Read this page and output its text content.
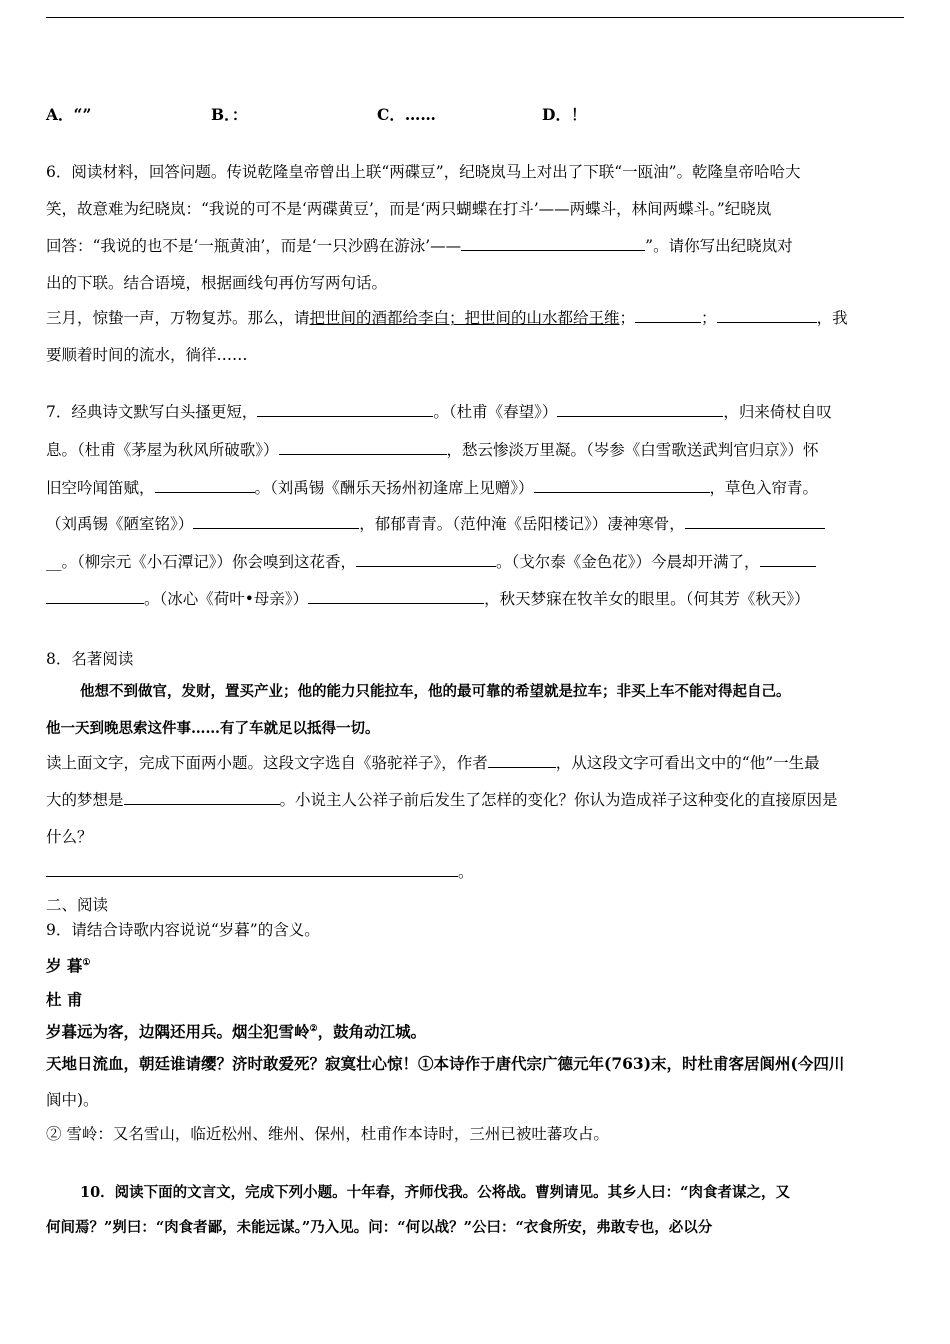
A．“”	B．：	C．……	D．！
6．阅读材料，回答问题。传说乾隆皇帝曾出上联“两碟豆”，纪晓岚马上对出了下联“一瓯油”。乾隆皇帝哈哈大
笑，故意难为纪晓岚：“我说的可不是‘两碟黄豆’，而是‘两只蝴蝶在打斗’——两蝶斗，林间两蝶斗。”纪晓岚
回答：“我说的也不是‘一瓶黄油’，而是‘一只沙鸥在游泳’——	”。请你写出纪晓岚对
出的下联。结合语境，根据画线句再仿写两句话。
三月，惊蛰一声，万物复苏。那么，请把世间的酒都给李白；把世间的山水都给王维；	；	，我
要顺着时间的流水，徜徉……
7．经典诗文默写白头搔更短，	。（杜甫《春望》）	，归来倚杖自叹
息。（杜甫《茅屋为秋风所破歌》）	，愁云惨淡万里凝。（岑参《白雪歌送武判官归京》）怀
旧空吟闻笛赋，	。（刘禹锡《酬乐天扬州初逢席上见赠》）	，草色入帘青。
（刘禹锡《陋室铭》）	，郁郁青青。（范仲淹《岳阳楼记》）凄神寒骨，
__。（柳宗元《小石潭记》）你会嗅到这花香，	。（戈尔泰《金色花》）今晨却开满了，
。（冰心《荷叶•母亲》）	，秋天梦寐在牧羊女的眼里。（何其芳《秋天》）
8．名著阅读
他想不到做官，发财，置买产业；他的能力只能拉车，他的最可靠的希望就是拉车；非买上车不能对得起自己。
他一天到晚思索这件事……有了车就足以抵得一切。
读上面文字，完成下面两小题。这段文字选自《骆驼祥子》，作者	，从这段文字可看出文中的“他”一生最
大的梦想是	。小说主人公祥子前后发生了怎样的变化？你认为造成祥子这种变化的直接原因是
什么？
。
二、阅读
9．请结合诗歌内容说说“岁暮”的含义。
岁 暮①
杜 甫
岁暮远为客，边隅还用兵。烟尘犯雪岭②，鼓角动江城。
天地日流血，朝廷谁请缨？济时敢爱死？寂寞壮心惊！①本诗作于唐代宗广德元年(763)末，时杜甫客居阆州(今四川
阆中)。
② 雪岭：又名雪山，临近松州、维州、保州，杜甫作本诗时，三州已被吐蕃攻占。
10．阅读下面的文言文，完成下列小题。十年春，齐师伐我。公将战。曹刿请见。其乡人曰：“肉食者谋之，又
何间焉？”刿曰：“肉食者鄙，未能远谋。”乃入见。问：“何以战？”公曰：“衣食所安，弗敢专也，必以分
